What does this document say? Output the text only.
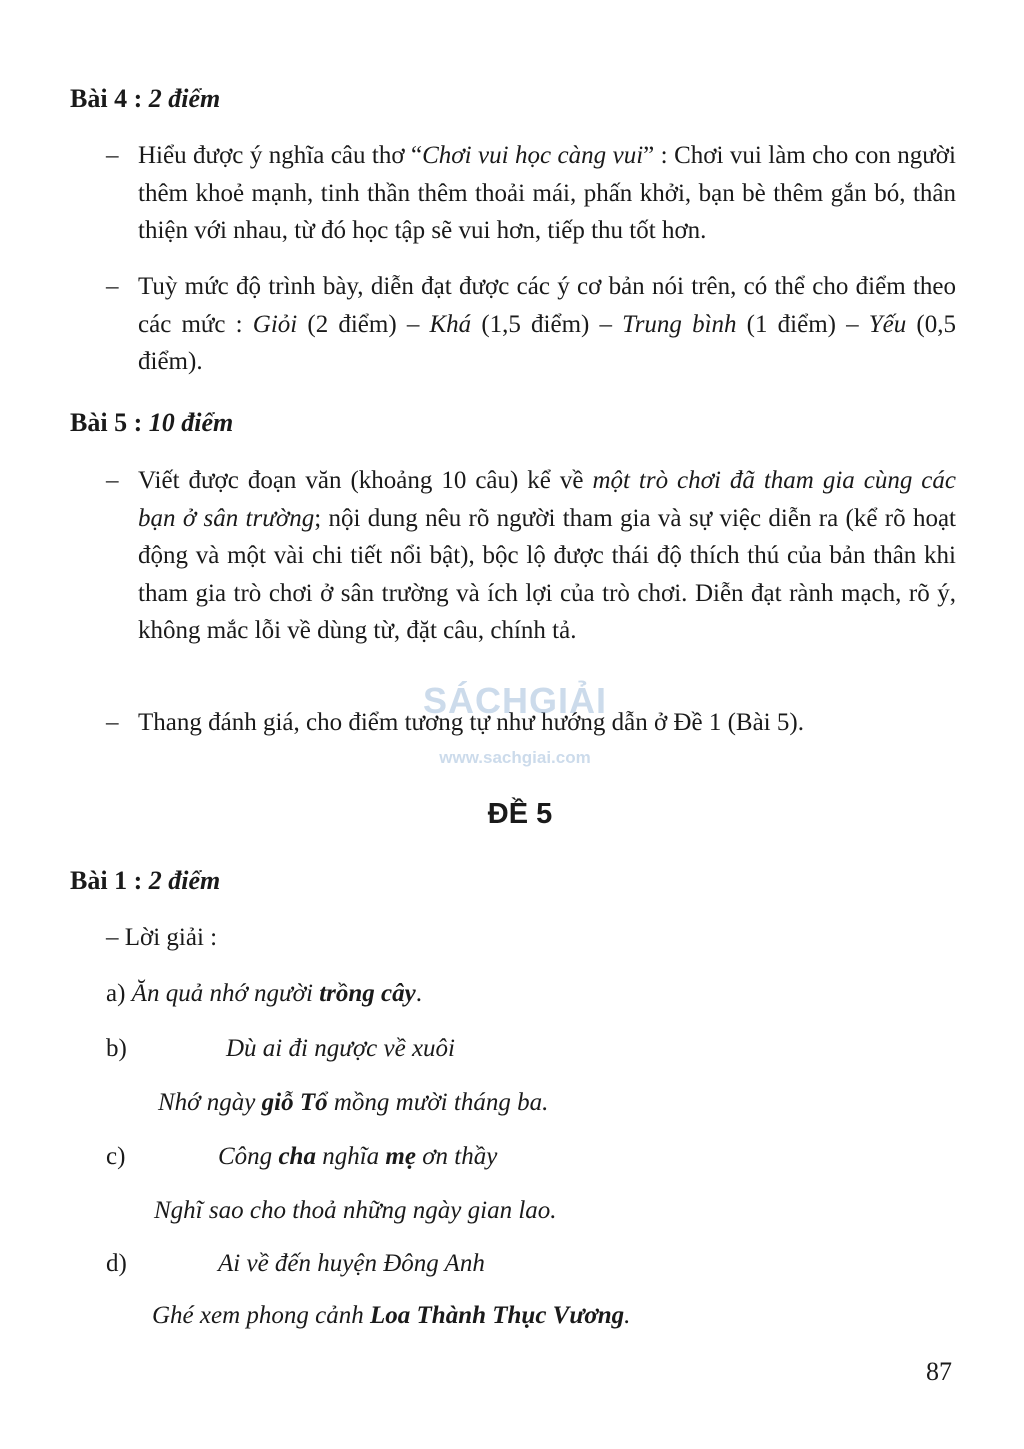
Bài 4 : 2 điểm
– Hiểu được ý nghĩa câu thơ “Chơi vui học càng vui” : Chơi vui làm cho con người thêm khoẻ mạnh, tinh thần thêm thoải mái, phấn khởi, bạn bè thêm gắn bó, thân thiện với nhau, từ đó học tập sẽ vui hơn, tiếp thu tốt hơn.
– Tuỳ mức độ trình bày, diễn đạt được các ý cơ bản nói trên, có thể cho điểm theo các mức : Giỏi (2 điểm) – Khá (1,5 điểm) – Trung bình (1 điểm) – Yếu (0,5 điểm).
Bài 5 : 10 điểm
– Viết được đoạn văn (khoảng 10 câu) kể về một trò chơi đã tham gia cùng các bạn ở sân trường; nội dung nêu rõ người tham gia và sự việc diễn ra (kể rõ hoạt động và một vài chi tiết nổi bật), bộc lộ được thái độ thích thú của bản thân khi tham gia trò chơi ở sân trường và ích lợi của trò chơi. Diễn đạt rành mạch, rõ ý, không mắc lỗi về dùng từ, đặt câu, chính tả.
– Thang đánh giá, cho điểm tương tự như hướng dẫn ở Đề 1 (Bài 5).
SÁCHGIẢI
www.sachgiai.com
ĐỀ 5
Bài 1 : 2 điểm
– Lời giải :
a) Ăn quả nhớ người trồng cây.
b)	Dù ai đi ngược về xuôi
Nhớ ngày giỗ Tổ mồng mười tháng ba.
c)	Công cha nghĩa mẹ ơn thầy
Nghĩ sao cho thoả những ngày gian lao.
d)	Ai về đến huyện Đông Anh
Ghé xem phong cảnh Loa Thành Thục Vương.
87
